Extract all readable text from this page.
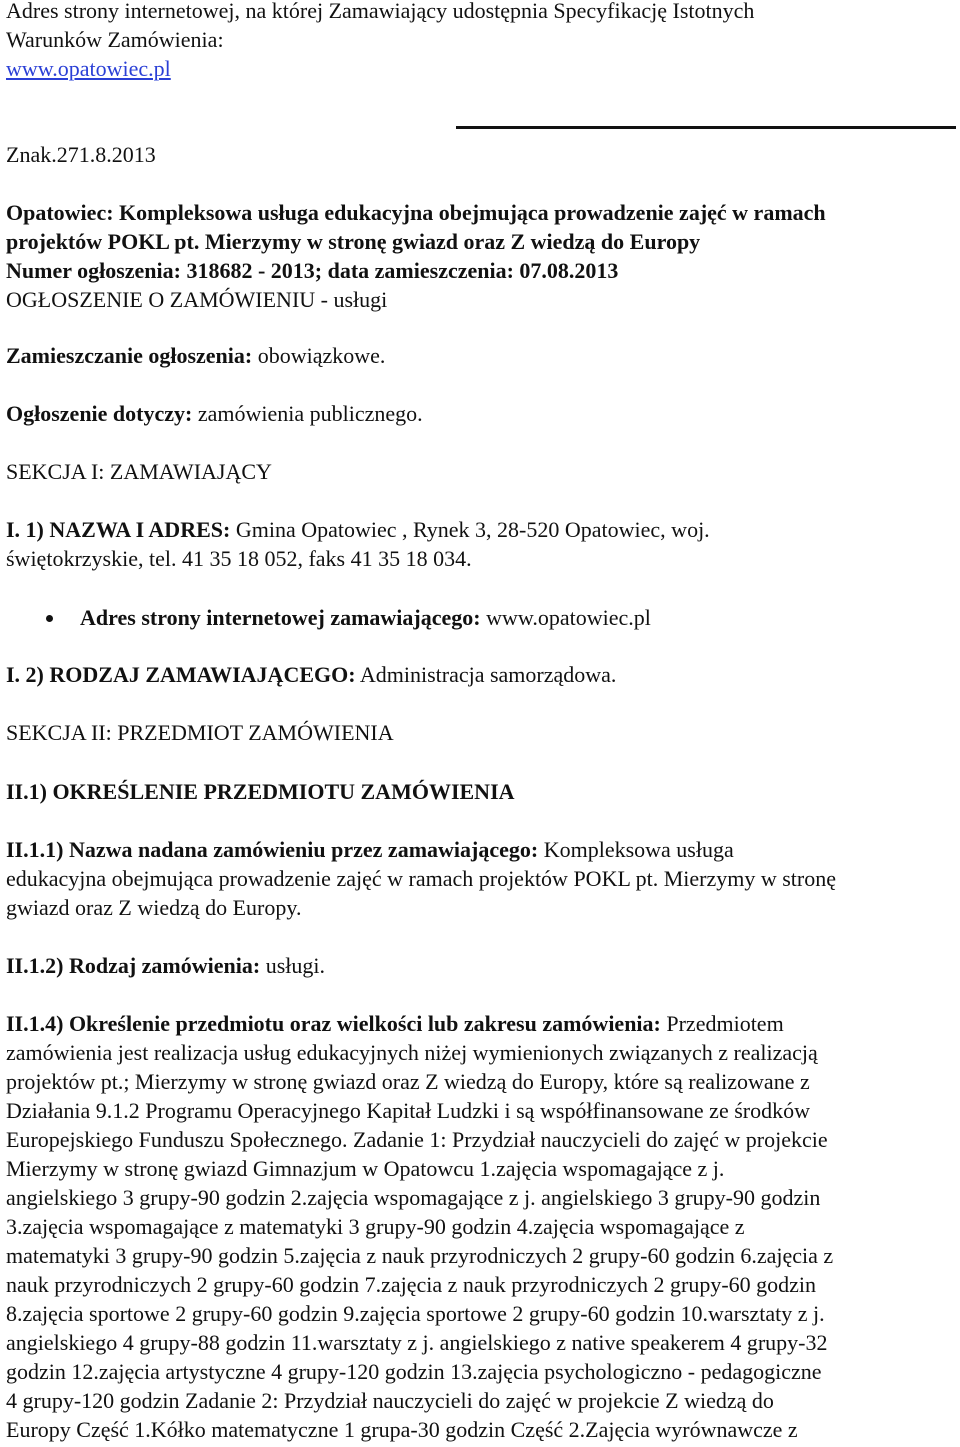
Adres strony internetowej, na której Zamawiający udostępnia Specyfikację Istotnych
Warunków Zamówienia:
www.opatowiec.pl
Znak.271.8.2013
Opatowiec: Kompleksowa usługa edukacyjna obejmująca prowadzenie zajęć w ramach
projektów POKL pt. Mierzymy w stronę gwiazd oraz Z wiedzą do Europy
Numer ogłoszenia: 318682 - 2013; data zamieszczenia: 07.08.2013
OGŁOSZENIE O ZAMÓWIENIU - usługi
Zamieszczanie ogłoszenia: obowiązkowe.
Ogłoszenie dotyczy: zamówienia publicznego.
SEKCJA I: ZAMAWIAJĄCY
I. 1) NAZWA I ADRES: Gmina Opatowiec , Rynek 3, 28-520 Opatowiec, woj.
świętokrzyskie, tel. 41 35 18 052, faks 41 35 18 034.
Adres strony internetowej zamawiającego: www.opatowiec.pl
I. 2) RODZAJ ZAMAWIAJĄCEGO: Administracja samorządowa.
SEKCJA II: PRZEDMIOT ZAMÓWIENIA
II.1) OKREŚLENIE PRZEDMIOTU ZAMÓWIENIA
II.1.1) Nazwa nadana zamówieniu przez zamawiającego: Kompleksowa usługa
edukacyjna obejmująca prowadzenie zajęć w ramach projektów POKL pt. Mierzymy w stronę
gwiazd oraz Z wiedzą do Europy.
II.1.2) Rodzaj zamówienia: usługi.
II.1.4) Określenie przedmiotu oraz wielkości lub zakresu zamówienia: Przedmiotem
zamówienia jest realizacja usług edukacyjnych niżej wymienionych związanych z realizacją
projektów pt.; Mierzymy w stronę gwiazd oraz Z wiedzą do Europy, które są realizowane z
Działania 9.1.2 Programu Operacyjnego Kapitał Ludzki i są współfinansowane ze środków
Europejskiego Funduszu Społecznego. Zadanie 1: Przydział nauczycieli do zajęć w projekcie
Mierzymy w stronę gwiazd Gimnazjum w Opatowcu 1.zajęcia wspomagające z j.
angielskiego 3 grupy-90 godzin 2.zajęcia wspomagające z j. angielskiego 3 grupy-90 godzin
3.zajęcia wspomagające z matematyki 3 grupy-90 godzin 4.zajęcia wspomagające z
matematyki 3 grupy-90 godzin 5.zajęcia z nauk przyrodniczych 2 grupy-60 godzin 6.zajęcia z
nauk przyrodniczych 2 grupy-60 godzin 7.zajęcia z nauk przyrodniczych 2 grupy-60 godzin
8.zajęcia sportowe 2 grupy-60 godzin 9.zajęcia sportowe 2 grupy-60 godzin 10.warsztaty z j.
angielskiego 4 grupy-88 godzin 11.warsztaty z j. angielskiego z native speakerem 4 grupy-32
godzin 12.zajęcia artystyczne 4 grupy-120 godzin 13.zajęcia psychologiczno - pedagogiczne
4 grupy-120 godzin Zadanie 2: Przydział nauczycieli do zajęć w projekcie Z wiedzą do
Europy Część 1.Kółko matematyczne 1 grupa-30 godzin Część 2.Zajęcia wyrównawcze z
